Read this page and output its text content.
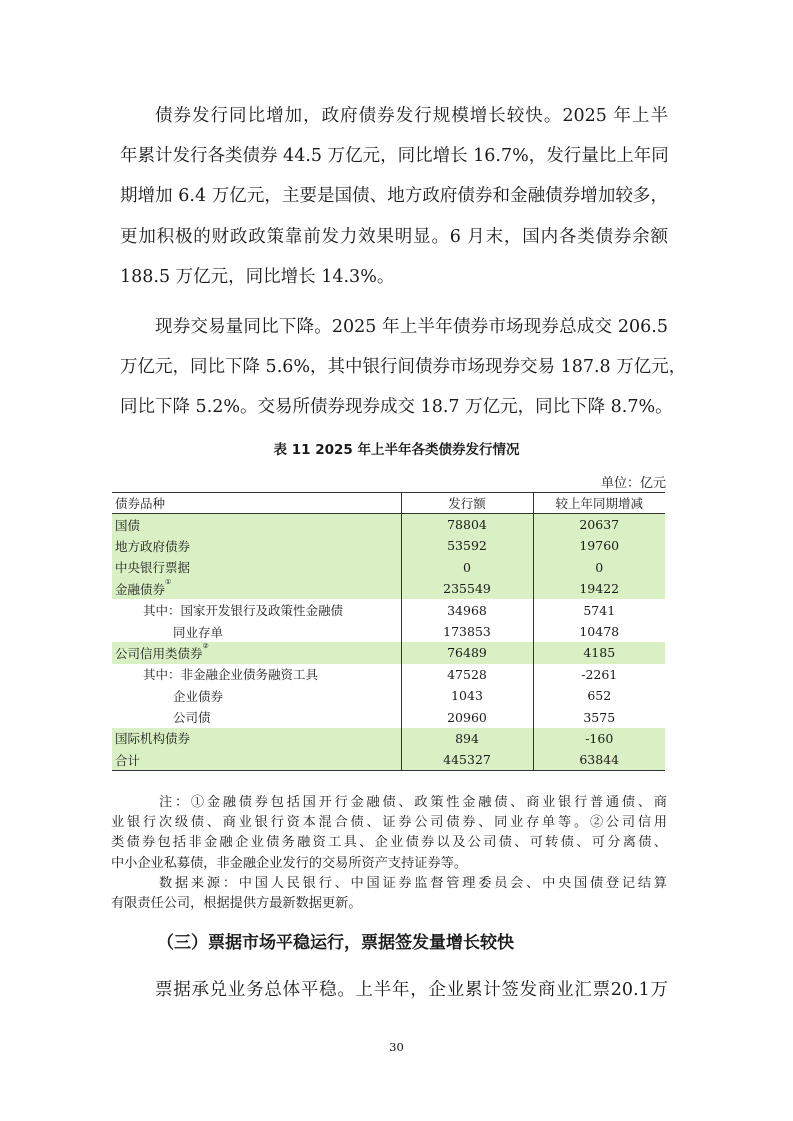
债券发行同比增加，政府债券发行规模增长较快。2025 年上半
年累计发行各类债券 44.5 万亿元，同比增长 16.7%，发行量比上年同
期增加 6.4 万亿元，主要是国债、地方政府债券和金融债券增加较多，
更加积极的财政政策靠前发力效果明显。6 月末，国内各类债券余额
188.5 万亿元，同比增长 14.3%。
现券交易量同比下降。2025 年上半年债券市场现券总成交 206.5
万亿元，同比下降 5.6%，其中银行间债券市场现券交易 187.8 万亿元，
同比下降 5.2%。交易所债券现券成交 18.7 万亿元，同比下降 8.7%。
表 11 2025 年上半年各类债券发行情况
单位：亿元
债券品种	发行额	较上年同期增减
国债	78804	20637
地方政府债券	53592	19760
中央银行票据	0	0
金融债券①	235549	19422
其中：国家开发银行及政策性金融债	34968	5741
同业存单	173853	10478
公司信用类债券②	76489	4185
其中：非金融企业债务融资工具	47528	-2261
企业债券	1043	652
公司债	20960	3575
国际机构债券	894	-160
合计	445327	63844
注：①金融债券包括国开行金融债、政策性金融债、商业银行普通债、商
业银行次级债、商业银行资本混合债、证券公司债券、同业存单等。②公司信用
类债券包括非金融企业债务融资工具、企业债券以及公司债、可转债、可分离债、
中小企业私募债，非金融企业发行的交易所资产支持证券等。
数据来源：中国人民银行、中国证券监督管理委员会、中央国债登记结算
有限责任公司，根据提供方最新数据更新。
（三）票据市场平稳运行，票据签发量增长较快
票据承兑业务总体平稳。上半年，企业累计签发商业汇票20.1万
30
